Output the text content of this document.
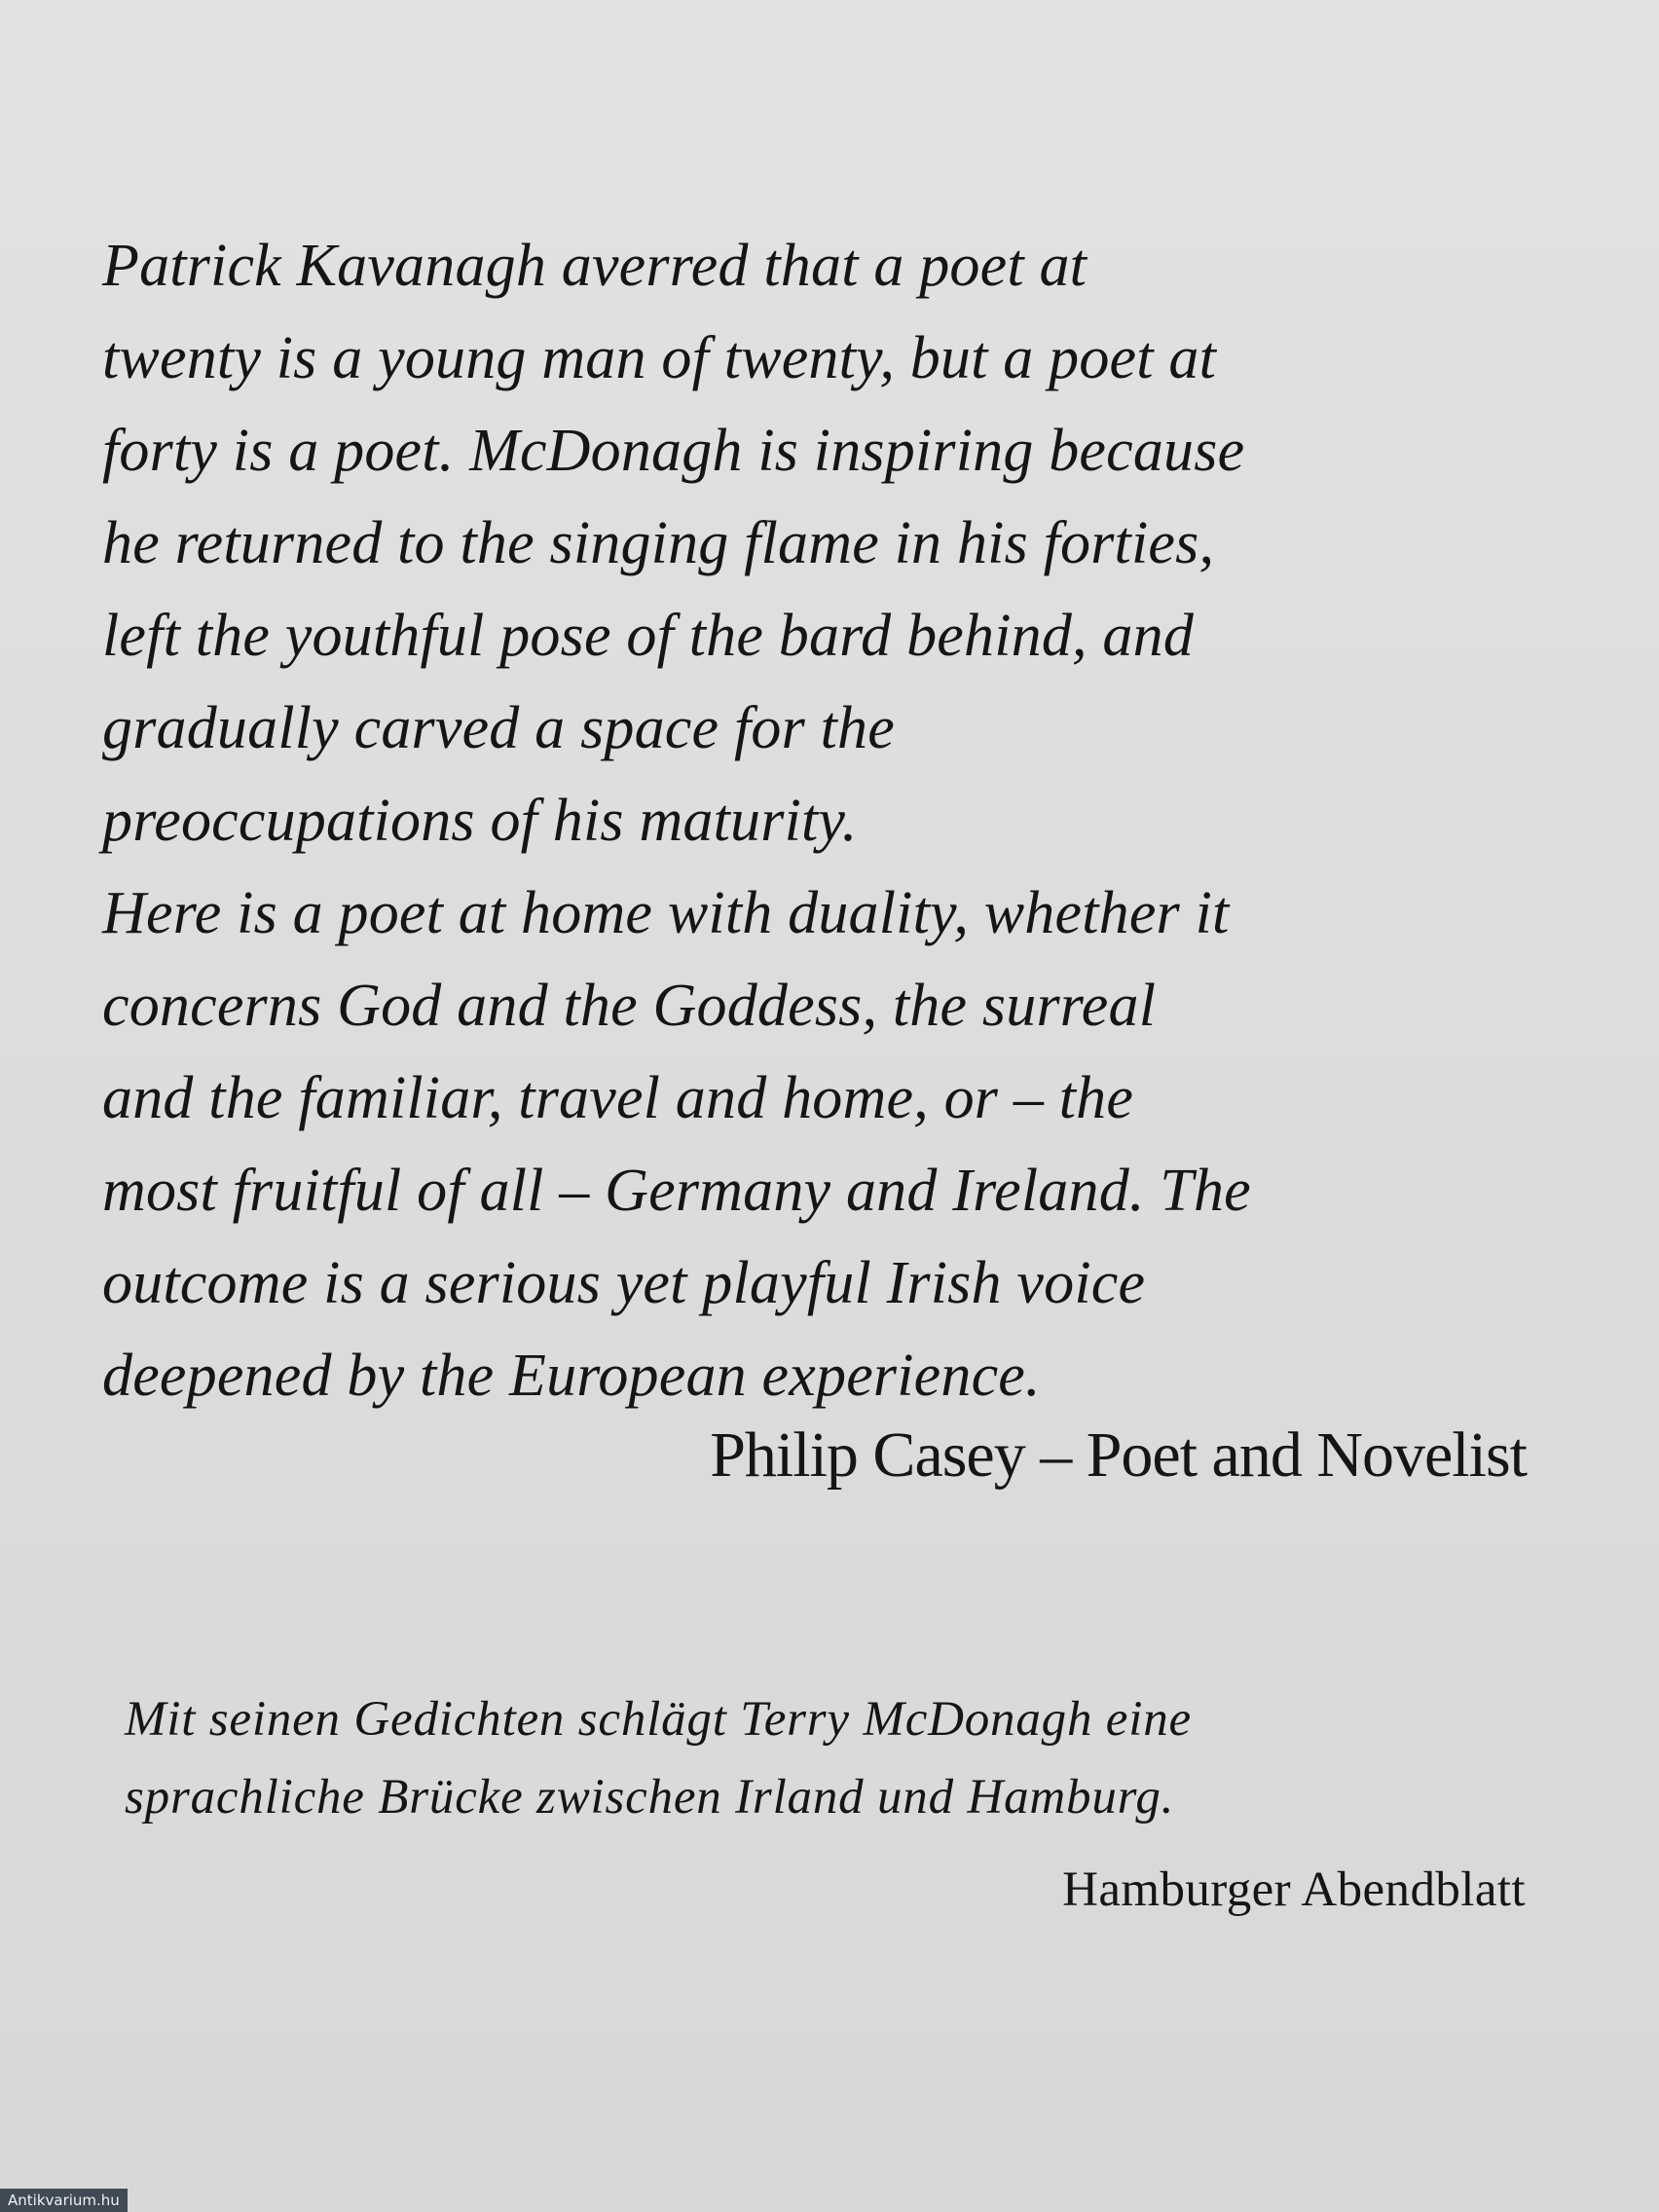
Patrick Kavanagh averred that a poet at
twenty is a young man of twenty, but a poet at
forty is a poet. McDonagh is inspiring because
he returned to the singing flame in his forties,
left the youthful pose of the bard behind, and
gradually carved a space for the
preoccupations of his maturity.
Here is a poet at home with duality, whether it
concerns God and the Goddess, the surreal
and the familiar, travel and home, or – the
most fruitful of all – Germany and Ireland. The
outcome is a serious yet playful Irish voice
deepened by the European experience.

Philip Casey – Poet and Novelist

Mit seinen Gedichten schlägt Terry McDonagh eine
sprachliche Brücke zwischen Irland und Hamburg.

Hamburger Abendblatt

Antikvarium.hu
